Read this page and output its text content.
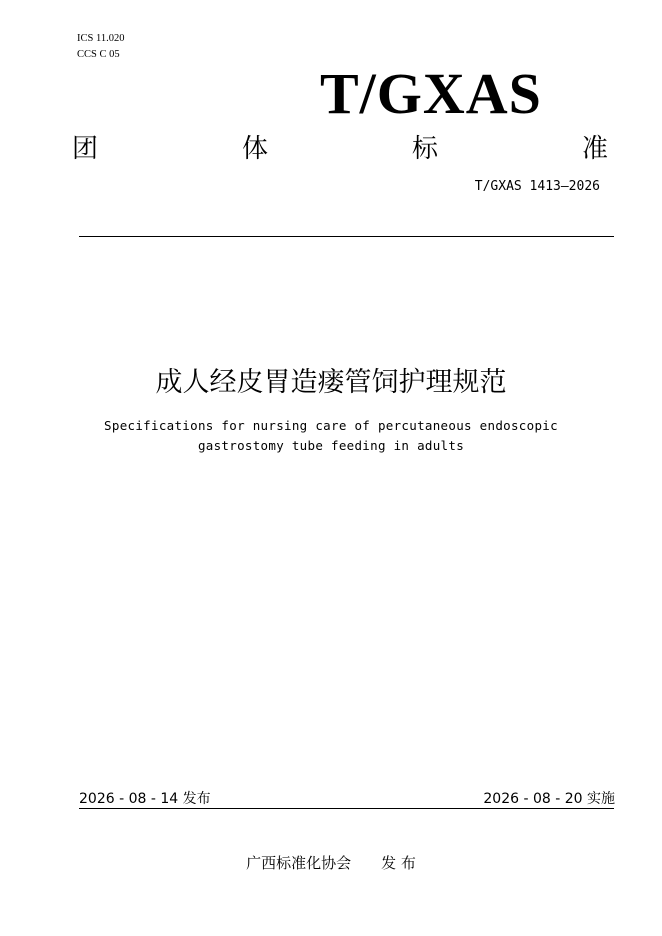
ICS 11.020
CCS C 05
T/GXAS
团	体	标	准
T/GXAS 1413—2026
成人经皮胃造瘘管饲护理规范
Specifications for nursing care of percutaneous endoscopic
gastrostomy tube feeding in adults
2026 - 08 - 14 发布	2026 - 08 - 20 实施
广西标准化协会 发 布
